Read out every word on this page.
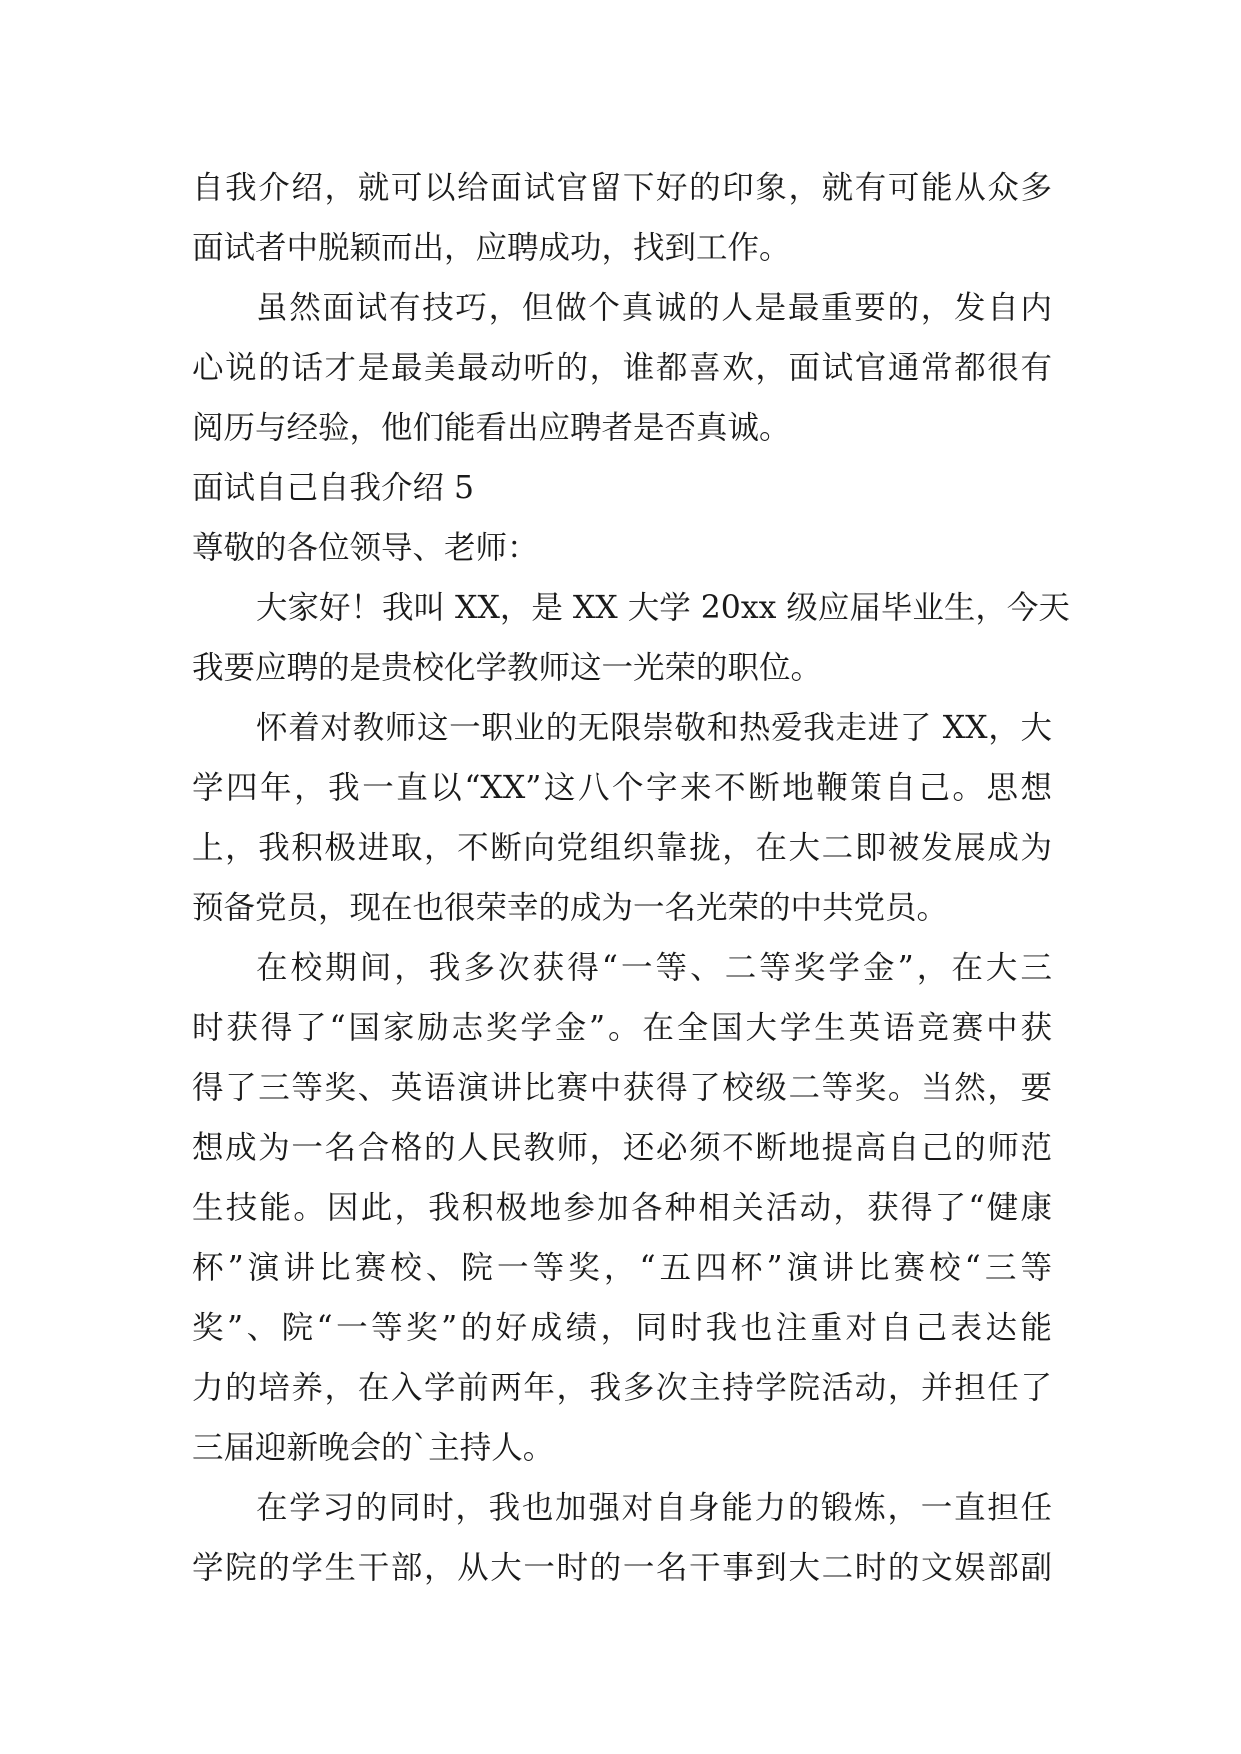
自我介绍，就可以给面试官留下好的印象，就有可能从众多
面试者中脱颖而出，应聘成功，找到工作。
虽然面试有技巧，但做个真诚的人是最重要的，发自内
心说的话才是最美最动听的，谁都喜欢，面试官通常都很有
阅历与经验，他们能看出应聘者是否真诚。
面试自己自我介绍 5
尊敬的各位领导、老师：
大家好！我叫 XX，是 XX 大学 20xx 级应届毕业生，今天
我要应聘的是贵校化学教师这一光荣的职位。
怀着对教师这一职业的无限崇敬和热爱我走进了 XX，大
学四年，我一直以“XX”这八个字来不断地鞭策自己。思想
上，我积极进取，不断向党组织靠拢，在大二即被发展成为
预备党员，现在也很荣幸的成为一名光荣的中共党员。
在校期间，我多次获得“一等、二等奖学金”，在大三
时获得了“国家励志奖学金”。在全国大学生英语竞赛中获
得了三等奖、英语演讲比赛中获得了校级二等奖。当然，要
想成为一名合格的人民教师，还必须不断地提高自己的师范
生技能。因此，我积极地参加各种相关活动，获得了“健康
杯”演讲比赛校、院一等奖，“五四杯”演讲比赛校“三等
奖”、院“一等奖”的好成绩，同时我也注重对自己表达能
力的培养，在入学前两年，我多次主持学院活动，并担任了
三届迎新晚会的`主持人。
在学习的同时，我也加强对自身能力的锻炼，一直担任
学院的学生干部，从大一时的一名干事到大二时的文娱部副
